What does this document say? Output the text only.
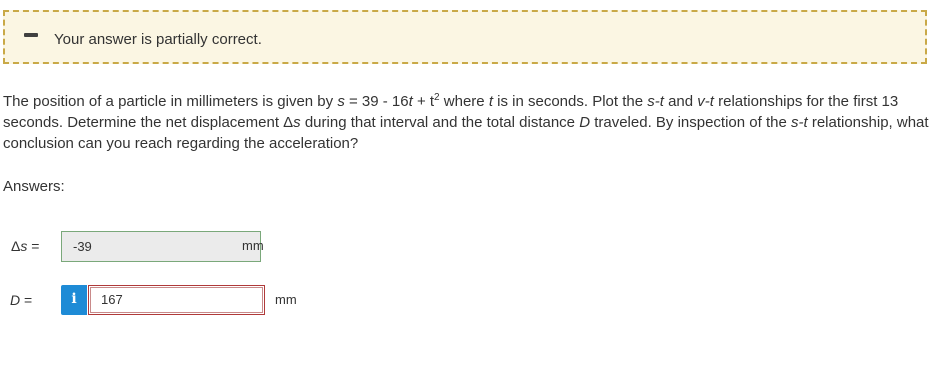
Your answer is partially correct.
The position of a particle in millimeters is given by $s = 39 - 16t + t^2$ where t is in seconds. Plot the s-t and v-t relationships for the first 13 seconds. Determine the net displacement Δs during that interval and the total distance D traveled. By inspection of the s-t relationship, what conclusion can you reach regarding the acceleration?
Answers:
Δs =	-39	mm
D =	i	167	mm
